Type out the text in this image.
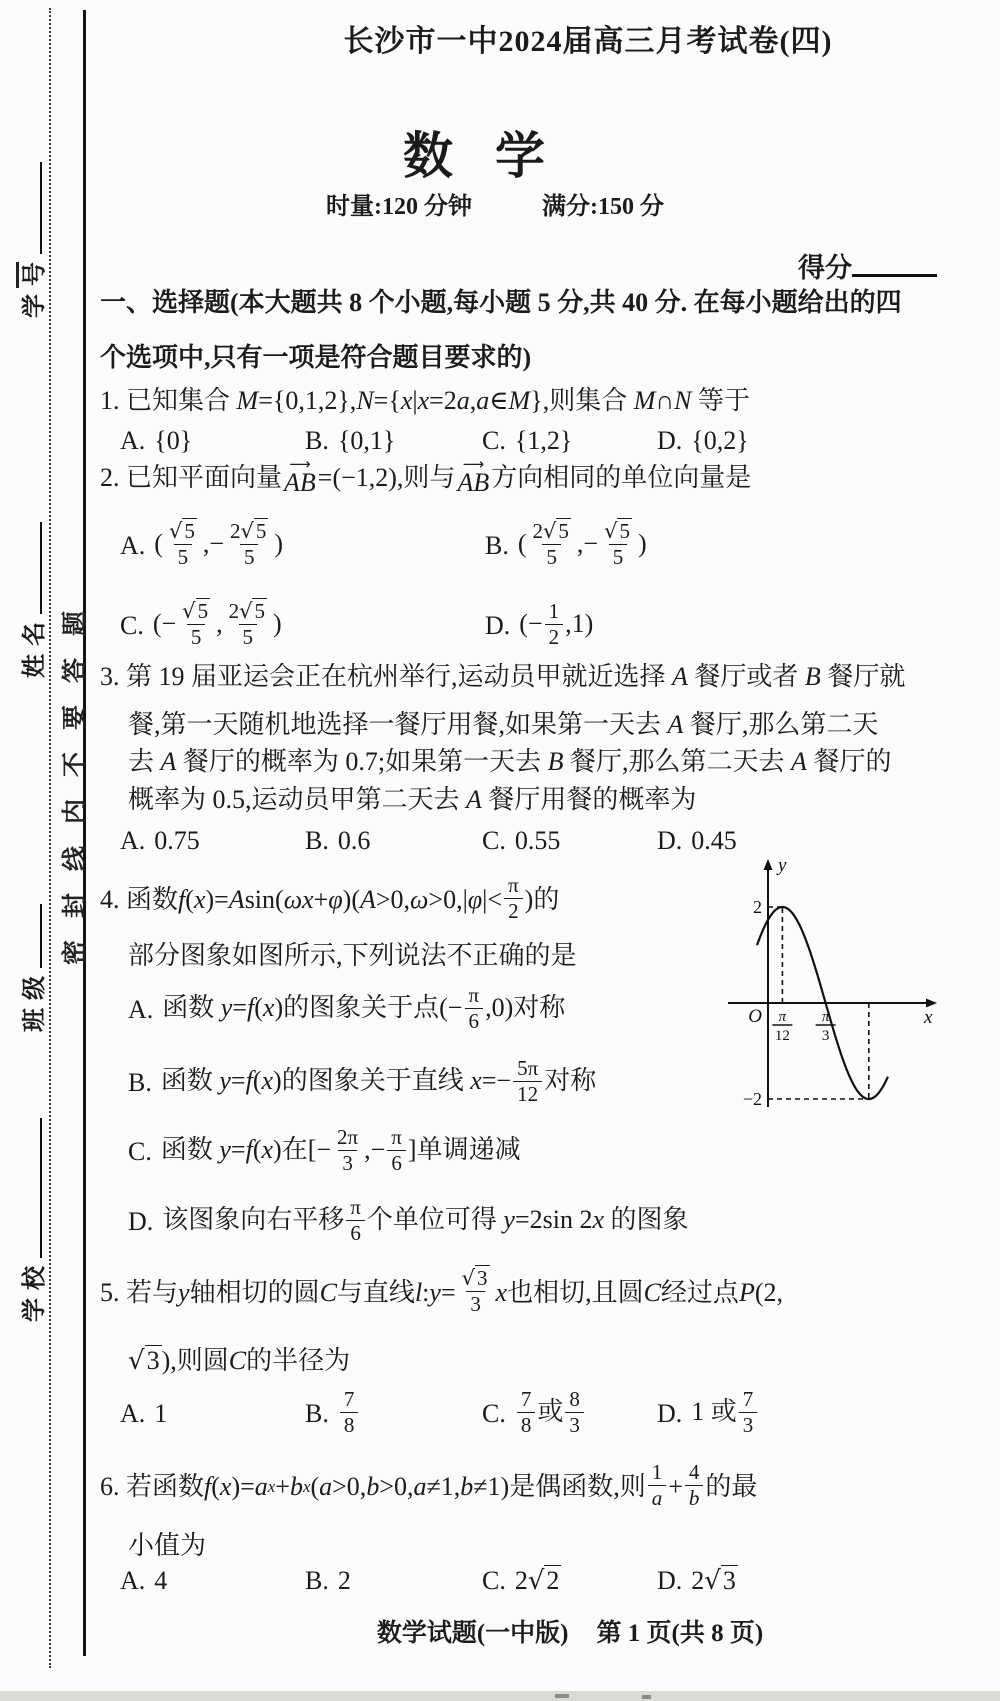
学号
姓名
班级
学校
密封线内不要答题
长沙市一中2024届高三月考试卷(四)
数学
时量:120 分钟	满分:150 分
得分
一、选择题(本大题共 8 个小题,每小题 5 分,共 40 分. 在每小题给出的四
个选项中,只有一项是符合题目要求的)
1. 已知集合 M={0,1,2},N={x|x=2a,a∈M},则集合 M∩N 等于
A. {0}	B. {0,1}	C. {1,2}	D. {0,2}
2. 已知平面向量 ⟶
AB =(−1,2),则与 ⟶
AB 方向相同的单位向量是
A. ( $\frac{√5}{5}$ ,− $\frac{2√5}{5}$ )	B. ( $\frac{2√5}{5}$ ,− $\frac{√5}{5}$ )
C. (− $\frac{√5}{5}$ , $\frac{2√5}{5}$ )	D. (− $\frac{1}{2} ,1$)
3. 第 19 届亚运会正在杭州举行,运动员甲就近选择 A 餐厅或者 B 餐厅就
餐,第一天随机地选择一餐厅用餐,如果第一天去 A 餐厅,那么第二天
去 A 餐厅的概率为 0.7;如果第一天去 B 餐厅,那么第二天去 A 餐厅的
概率为 0.5,运动员甲第二天去 A 餐厅用餐的概率为
A. 0.75	B. 0.6	C. 0.55	D. 0.45
4. 函数 f ( x )= A sin( ωx + φ )( A >0, ω >0,| φ |< $\frac{\pi}{2}$ )的
部分图象如图所示,下列说法不正确的是
A. 函数 y=f(x)的图象关于点(− $\frac{\pi}{6} ,0$)对称
B. 函数 y=f(x)的图象关于直线 $x=- \frac{5\pi}{12}$ 对称
C. 函数 y=f(x)在[− $\frac{2\pi}{3}$ ,− $\frac{\pi}{6}$ ]单调递减
D. 该图象向右平移 $\frac{\pi}{6}$ 个单位可得 y=2sin 2x 的图象
y
x
O
2
−2
π
12
π
3
5. 若与 y 轴相切的圆 C 与直线 l : $y = \frac{√3}{3}$ x 也相切,且圆 C 经过点 P (2,
√3 ),则圆 C 的半径为
A. 1	B. $\frac{7}{8}$	C. $\frac{7}{8}$ 或 $\frac{8}{3}$	D. 1 或 $\frac{7}{3}$
6. 若函数 f ( x )= a x + b x ( a >0, b >0, a ≠1, b ≠1)是偶函数,则 $\frac{1}{a} + \frac{4}{b}$ 的最
小值为
A. 4	B. 2	C. 2√2	D. 2√3
数学试题(一中版) 第 1 页(共 8 页)
